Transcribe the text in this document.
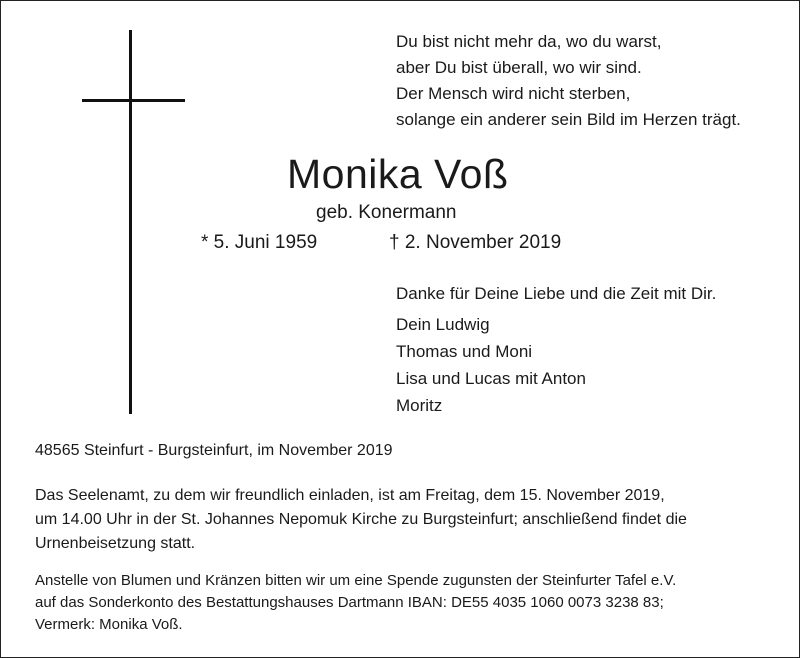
Du bist nicht mehr da, wo du warst,
aber Du bist überall, wo wir sind.
Der Mensch wird nicht sterben,
solange ein anderer sein Bild im Herzen trägt.
Monika Voß
geb. Konermann
* 5. Juni 1959	† 2. November 2019
Danke für Deine Liebe und die Zeit mit Dir.
Dein Ludwig
Thomas und Moni
Lisa und Lucas mit Anton
Moritz
48565 Steinfurt - Burgsteinfurt, im November 2019
Das Seelenamt, zu dem wir freundlich einladen, ist am Freitag, dem 15. November 2019,
um 14.00 Uhr in der St. Johannes Nepomuk Kirche zu Burgsteinfurt; anschließend findet die
Urnenbeisetzung statt.
Anstelle von Blumen und Kränzen bitten wir um eine Spende zugunsten der Steinfurter Tafel e.V.
auf das Sonderkonto des Bestattungshauses Dartmann IBAN: DE55 4035 1060 0073 3238 83;
Vermerk: Monika Voß.
